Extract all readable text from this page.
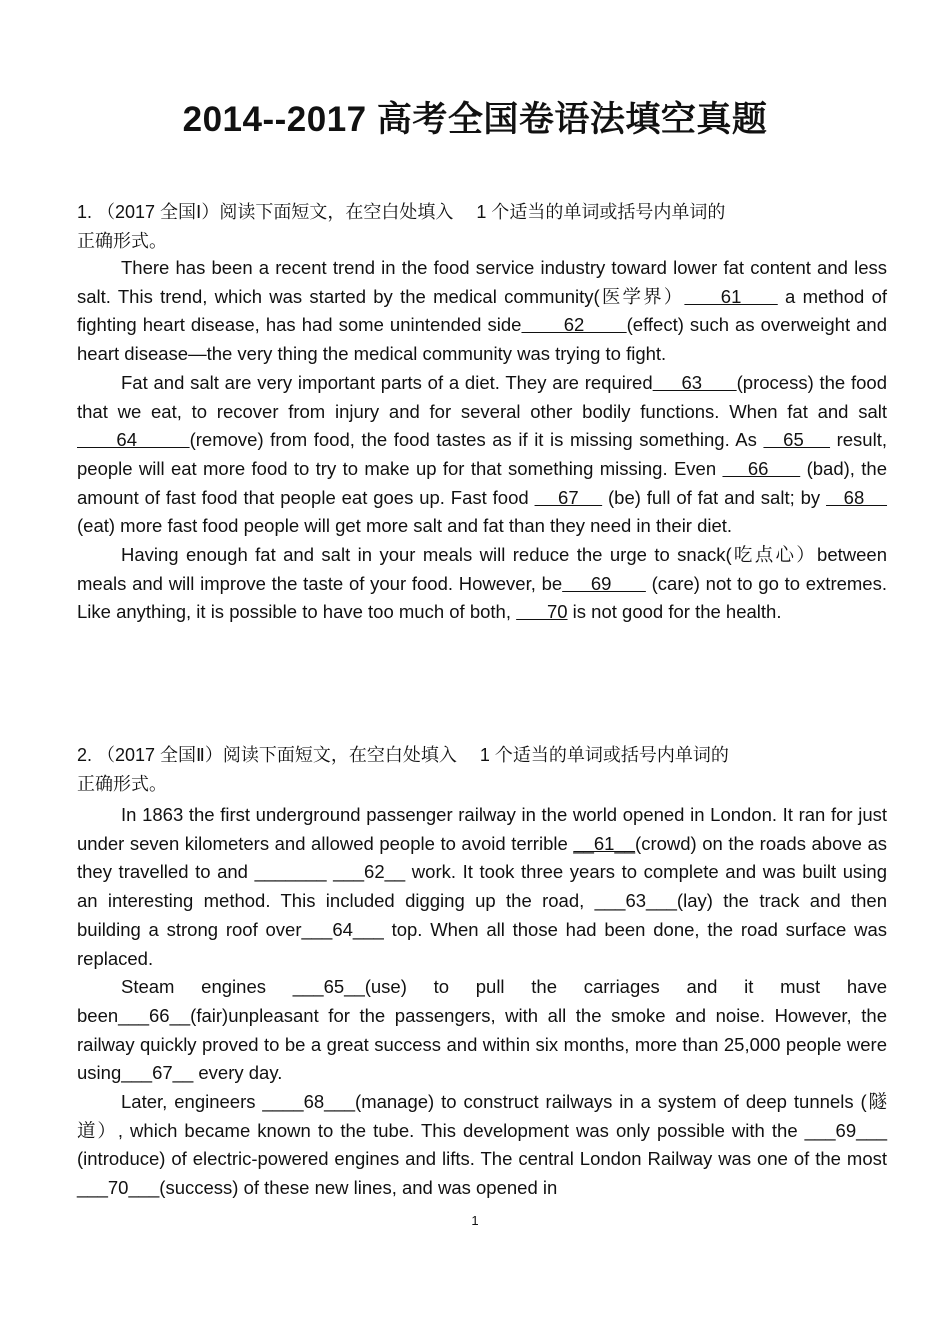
2014--2017 高考全国卷语法填空真题
1. （2017 全国Ⅰ）阅读下面短文，在空白处填入　 1 个适当的单词或括号内单词的
正确形式。

There has been a recent trend in the food service industry toward lower fat content and less salt. This trend, which was started by the medical community(医学界）     61      a method of fighting heart disease, has had some unintended side       62       (effect) such as overweight and heart disease—the very thing the medical community was trying to fight.

Fat and salt are very important parts of a diet. They are required     63      (process) the food that we eat, to recover from injury and for several other bodily functions. When fat and salt      64        (remove) from food, the food tastes as if it is missing something. As    65     result, people will eat more food to try to make up for that something missing. Even     66      (bad), the amount of fast food that people eat goes up. Fast food     67     (be) full of fat and salt; by    68     (eat) more fast food people will get more salt and fat than they need in their diet.

Having enough fat and salt in your meals will reduce the urge to snack(吃点心）between meals and will improve the taste of your food. However, be     69       (care) not to go to extremes. Like anything, it is possible to have too much of both,       70 is not good for the health.

2. （2017 全国Ⅱ）阅读下面短文，在空白处填入　 1 个适当的单词或括号内单词的
正确形式。

In 1863 the first underground passenger railway in the world opened in London. It ran for just under seven kilometers and allowed people to avoid terrible __61__(crowd) on the roads above as they travelled to and _______ ___62__ work. It took three years to complete and was built using an interesting method. This included digging up the road, ___63___(lay) the track and then building a strong roof over___64___ top. When all those had been done, the road surface was replaced.

Steam engines ___65__(use) to pull the carriages and it must have been___66__(fair)unpleasant for the passengers, with all the smoke and noise. However, the railway quickly proved to be a great success and within six months, more than 25,000 people were using___67__ every day.

Later, engineers ____68___(manage) to construct railways in a system of deep tunnels (隧道）, which became known to the tube. This development was only possible with the ___69___ (introduce) of electric-powered engines and lifts. The central London Railway was one of the most ___70___(success) of these new lines, and was opened in

1
